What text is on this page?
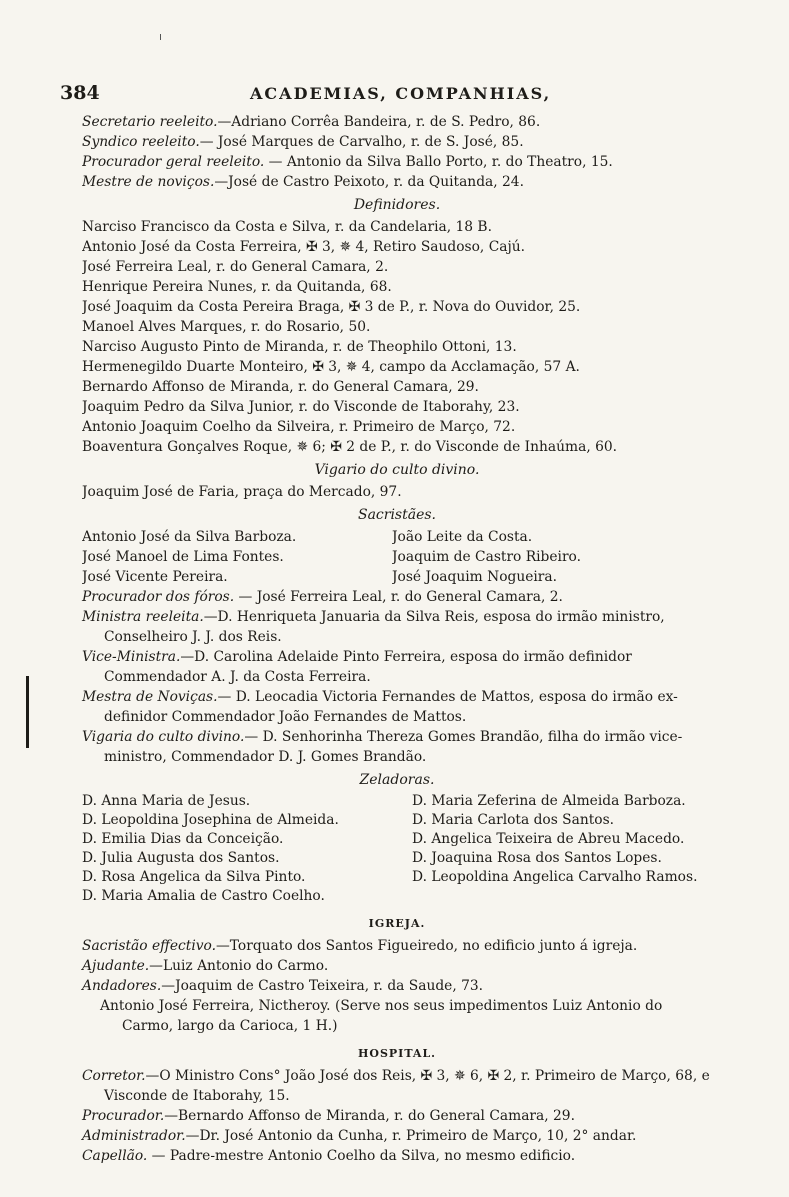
384	ACADEMIAS, COMPANHIAS,
Secretario reeleito.—Adriano Corrêa Bandeira, r. de S. Pedro, 86.
Syndico reeleito.— José Marques de Carvalho, r. de S. José, 85.
Procurador geral reeleito. — Antonio da Silva Ballo Porto, r. do Theatro, 15.
Mestre de noviços.—José de Castro Peixoto, r. da Quitanda, 24.
Definidores.
Narciso Francisco da Costa e Silva, r. da Candelaria, 18 B.
Antonio José da Costa Ferreira, ✠ 3, ✵ 4, Retiro Saudoso, Cajú.
José Ferreira Leal, r. do General Camara, 2.
Henrique Pereira Nunes, r. da Quitanda, 68.
José Joaquim da Costa Pereira Braga, ✠ 3 de P., r. Nova do Ouvidor, 25.
Manoel Alves Marques, r. do Rosario, 50.
Narciso Augusto Pinto de Miranda, r. de Theophilo Ottoni, 13.
Hermenegildo Duarte Monteiro, ✠ 3, ✵ 4, campo da Acclamação, 57 A.
Bernardo Affonso de Miranda, r. do General Camara, 29.
Joaquim Pedro da Silva Junior, r. do Visconde de Itaborahy, 23.
Antonio Joaquim Coelho da Silveira, r. Primeiro de Março, 72.
Boaventura Gonçalves Roque, ✵ 6; ✠ 2 de P., r. do Visconde de Inhaúma, 60.
Vigario do culto divino.
Joaquim José de Faria, praça do Mercado, 97.
Sacristães.
Antonio José da Silva Barboza.	João Leite da Costa.
José Manoel de Lima Fontes.	Joaquim de Castro Ribeiro.
José Vicente Pereira.	José Joaquim Nogueira.
Procurador dos fóros. — José Ferreira Leal, r. do General Camara, 2.
Ministra reeleita.—D. Henriqueta Januaria da Silva Reis, esposa do irmão ministro, Conselheiro J. J. dos Reis.
Vice-Ministra.—D. Carolina Adelaide Pinto Ferreira, esposa do irmão definidor Commendador A. J. da Costa Ferreira.
Mestra de Noviças.— D. Leocadia Victoria Fernandes de Mattos, esposa do irmão ex-definidor Commendador João Fernandes de Mattos.
Vigaria do culto divino.— D. Senhorinha Thereza Gomes Brandão, filha do irmão vice-ministro, Commendador D. J. Gomes Brandão.
Zeladoras.
D. Anna Maria de Jesus.	D. Maria Zeferina de Almeida Barboza.
D. Leopoldina Josephina de Almeida.	D. Maria Carlota dos Santos.
D. Emilia Dias da Conceição.	D. Angelica Teixeira de Abreu Macedo.
D. Julia Augusta dos Santos.	D. Joaquina Rosa dos Santos Lopes.
D. Rosa Angelica da Silva Pinto.	D. Leopoldina Angelica Carvalho Ramos.
D. Maria Amalia de Castro Coelho.
IGREJA.
Sacristão effectivo.—Torquato dos Santos Figueiredo, no edificio junto á igreja.
Ajudante.—Luiz Antonio do Carmo.
Andadores.—Joaquim de Castro Teixeira, r. da Saude, 73.
Antonio José Ferreira, Nictheroy. (Serve nos seus impedimentos Luiz Antonio do Carmo, largo da Carioca, 1 H.)
HOSPITAL.
Corretor.—O Ministro Cons° João José dos Reis, ✠ 3, ✵ 6, ✠ 2, r. Primeiro de Março, 68, e Visconde de Itaborahy, 15.
Procurador.—Bernardo Affonso de Miranda, r. do General Camara, 29.
Administrador.—Dr. José Antonio da Cunha, r. Primeiro de Março, 10, 2° andar.
Capellão. — Padre-mestre Antonio Coelho da Silva, no mesmo edificio.
